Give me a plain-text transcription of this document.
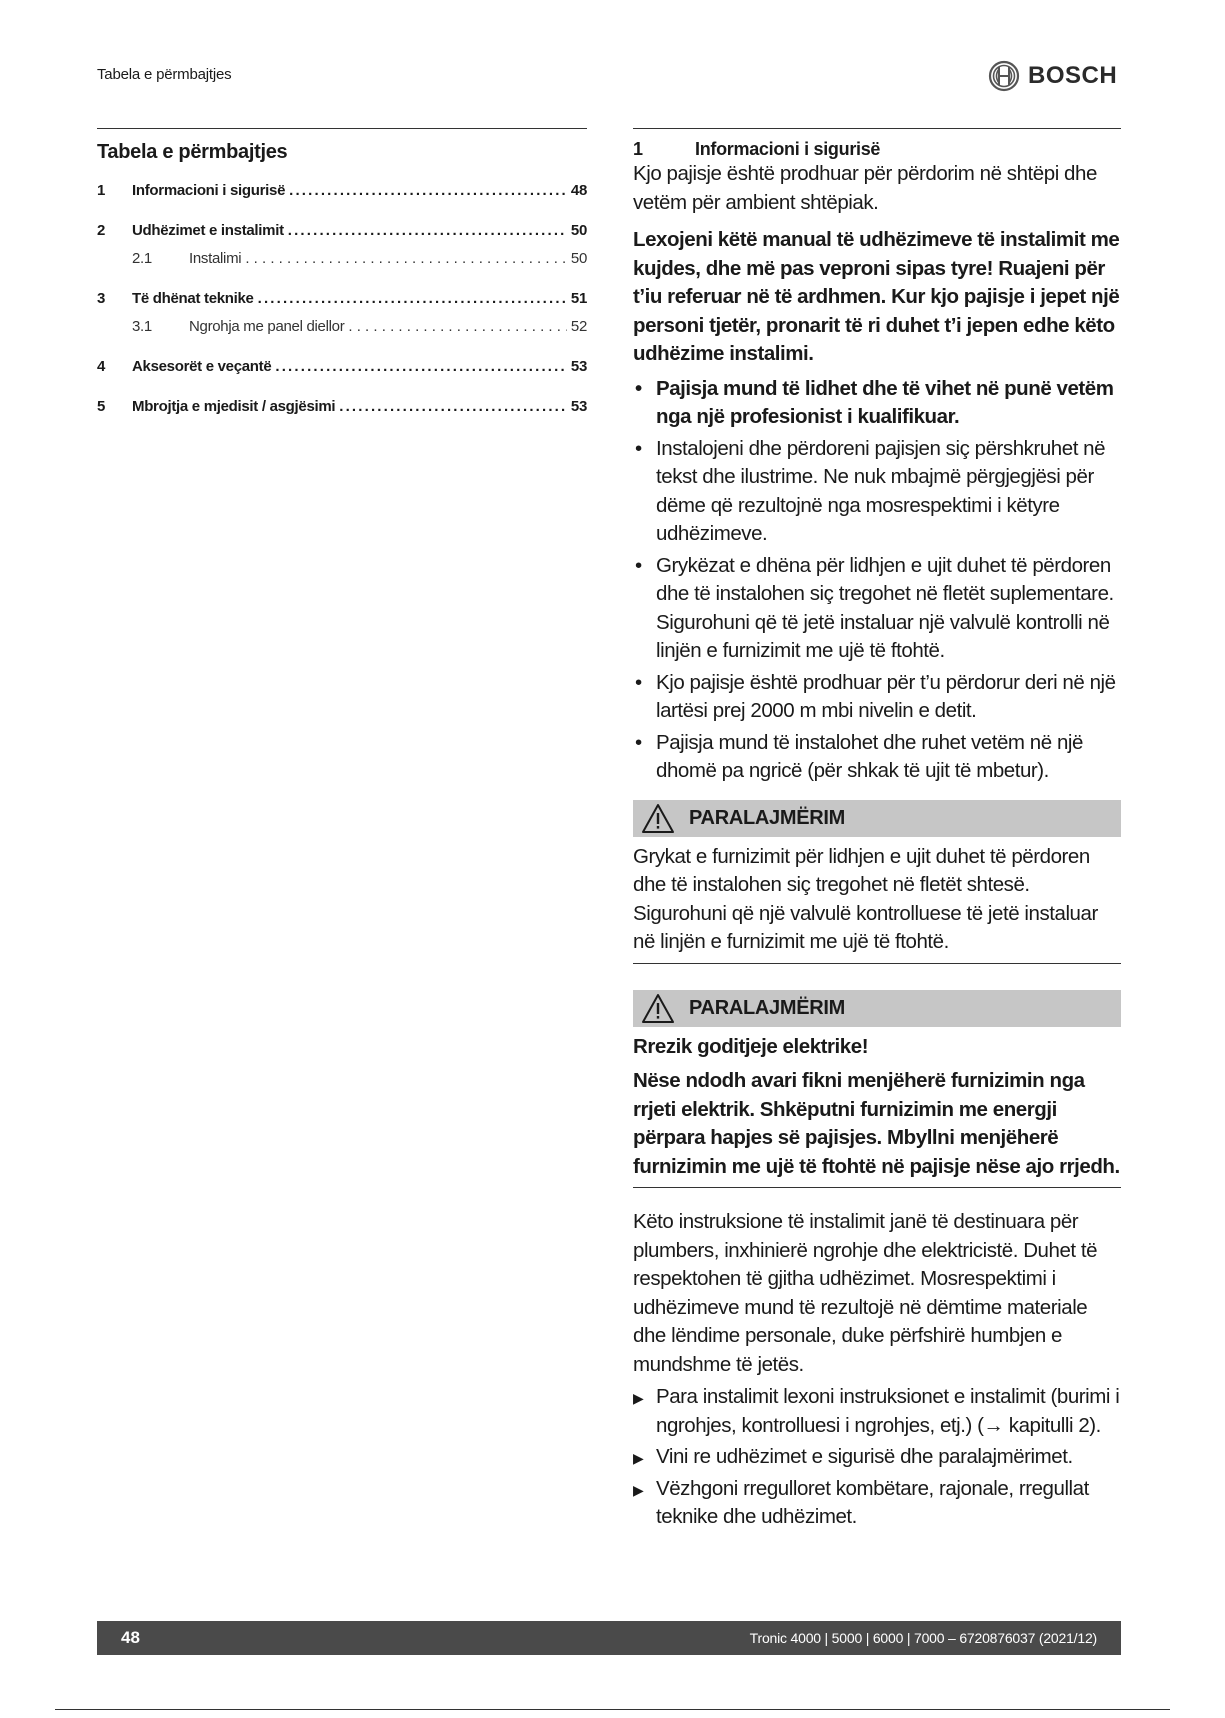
Tabela e përmbajtjes	BOSCH
Tabela e përmbajtjes
1	Informacioni i sigurisë . . .	48
2	Udhëzimet e instalimit . . .	50
2.1	Instalimi . . .	50
3	Të dhënat teknike . . .	51
3.1	Ngrohja me panel diellor . . .	52
4	Aksesorët e veçantë . . .	53
5	Mbrojtja e mjedisit / asgjësimi . . .	53
1	Informacioni i sigurisë

Kjo pajisje është prodhuar për përdorim në shtëpi dhe vetëm për ambient shtëpiak.

Lexojeni këtë manual të udhëzimeve të instalimit me kujdes, dhe më pas veproni sipas tyre! Ruajeni për t’iu referuar në të ardhmen. Kur kjo pajisje i jepet një personi tjetër, pronarit të ri duhet t’i jepen edhe këto udhëzime instalimi.

• Pajisja mund të lidhet dhe të vihet në punë vetëm nga një profesionist i kualifikuar.
• Instalojeni dhe përdoreni pajisjen siç përshkruhet në tekst dhe ilustrime. Ne nuk mbajmë përgjegjësi për dëme që rezultojnë nga mosrespektimi i këtyre udhëzimeve.
• Grykëzat e dhëna për lidhjen e ujit duhet të përdoren dhe të instalohen siç tregohet në fletët suplementare. Sigurohuni që të jetë instaluar një valvulë kontrolli në linjën e furnizimit me ujë të ftohtë.
• Kjo pajisje është prodhuar për t’u përdorur deri në një lartësi prej 2000 m mbi nivelin e detit.
• Pajisja mund të instalohet dhe ruhet vetëm në një dhomë pa ngricë (për shkak të ujit të mbetur).
PARALAJMËRIM

Grykat e furnizimit për lidhjen e ujit duhet të përdoren dhe të instalohen siç tregohet në fletët shtesë. Sigurohuni që një valvulë kontrolluese të jetë instaluar në linjën e furnizimit me ujë të ftohtë.

PARALAJMËRIM

Rrezik goditjeje elektrike!

Nëse ndodh avari fikni menjëherë furnizimin nga rrjeti elektrik. Shkëputni furnizimin me energji përpara hapjes së pajisjes. Mbyllni menjëherë furnizimin me ujë të ftohtë në pajisje nëse ajo rrjedh.

Këto instruksione të instalimit janë të destinuara për plumbers, inxhinierë ngrohje dhe elektricistë. Duhet të respektohen të gjitha udhëzimet. Mosrespektimi i udhëzimeve mund të rezultojë në dëmtime materiale dhe lëndime personale, duke përfshirë humbjen e mundshme të jetës.

▶ Para instalimit lexoni instruksionet e instalimit (burimi i ngrohjes, kontrolluesi i ngrohjes, etj.) (→ kapitulli 2).
▶ Vini re udhëzimet e sigurisë dhe paralajmërimet.
▶ Vëzhgoni rregulloret kombëtare, rajonale, rregullat teknike dhe udhëzimet.
48	Tronic 4000 | 5000 | 6000 | 7000 – 6720876037 (2021/12)
